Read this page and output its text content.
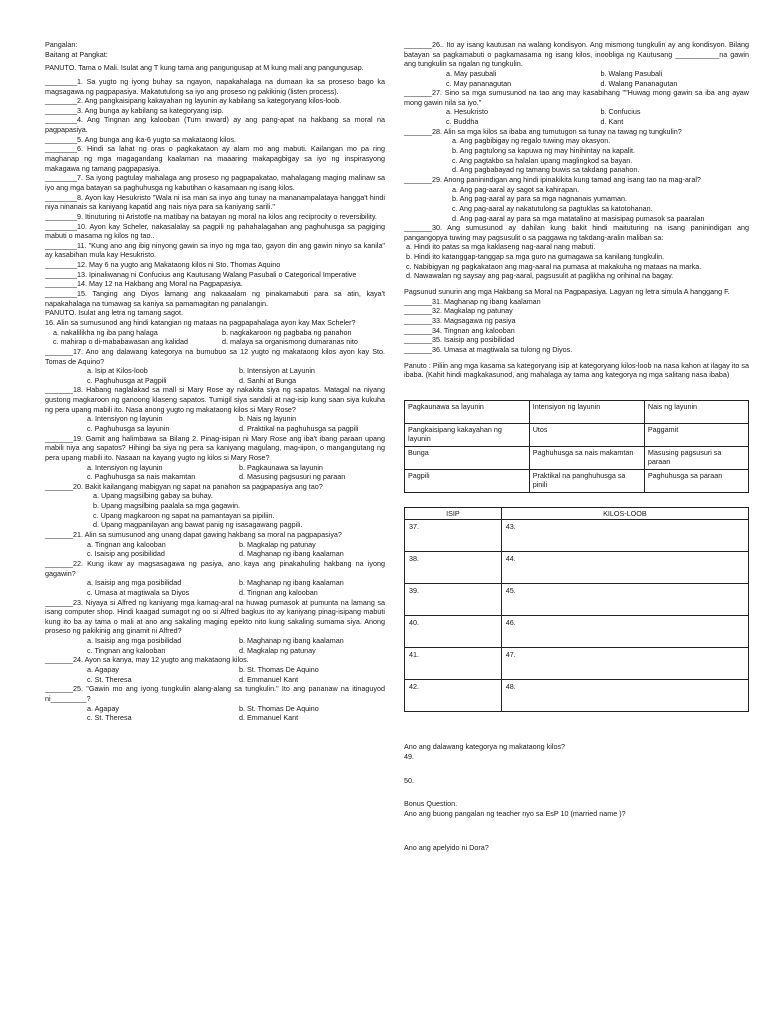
Pangalan:

Baitang at Pangkat:

PANUTO. Tama o Mali. Isulat ang T kung tama ang pangungusap at M kung mali ang pangungusap.

________1. Sa yugto ng iyong buhay sa ngayon, napakahalaga na dumaan ka sa proseso bago ka magsagawa ng pagpapasiya. Makatutulong sa iyo ang proseso ng pakikinig (listen process).

________2. Ang pangkaisipang kakayahan ng layunin ay kabilang sa kategoryang kilos-loob.

________3. Ang bunga ay kabilang sa kategoryang isip.

________4. Ang Tingnan ang kalooban (Turn inward) ay ang pang-apat na hakbang sa moral na pagpapasiya.

________5. Ang bunga ang ika-6 yugto sa makataong kilos.

________6. Hindi sa lahat ng oras o pagkakataon ay alam mo ang mabuti. Kailangan mo pa ring maghanap ng mga magagandang kaalaman na maaaring makapagbigay sa iyo ng inspirasyong makagawa ng tamang pagpapasiya.

________7. Sa iyong pagtulay mahalaga ang proseso ng pagpapakatao, mahalagang maging malinaw sa iyo ang mga batayan sa paghuhusga ng kabutihan o kasamaan ng isang kilos.

________8. Ayon kay Hesukristo "Wala ni isa man sa inyo ang tunay na mananampalataya hangga't hindi niya ninanais sa kaniyang kapatid ang nais niya para sa kaniyang sarili."

________9. Itinuturing ni Aristotle na matibay na batayan ng moral na kilos ang reciprocity o reversibility.

________10. Ayon kay Scheler, nakasalalay sa pagpili ng pahahalagahan ang paghuhusga sa pagiging mabuti o masama ng kilos ng tao..

________11. "Kung ano ang ibig ninyong gawin sa inyo ng mga tao, gayon din ang gawin ninyo sa kanila" ay kasabihan mula kay Hesukristo.

________12. May 6 na yugto ang Makataong kilos ni Sto. Thomas Aquino

________13. Ipinaliwanag ni Confucius ang Kautusang Walang Pasubali o Categorical Imperative

________14. May 12 na Hakbang ang Moral na Pagpapasiya.

________15. Tanging ang Diyos lamang ang nakaaalam ng pinakamabuti para sa atin, kaya't napakahalaga na tumawag sa kaniya sa pamamagitan ng panalangin.

PANUTO. Isulat ang letra ng tamang sagot.

16. Alin sa sumusunod ang hindi katangian ng mataas na pagpapahalaga ayon kay Max Scheler?

a. nakalilikha ng iba pang halaga	b. nagkakaroon ng pagbaba ng panahon
c. mahirap o di-mababawasan ang kalidad	d. malaya sa organismong dumaranas nito

_______17. Ano ang dalawang kategorya na bumubuo sa 12 yugto ng makataong kilos ayon kay Sto. Tomas de Aquino?

a. Isip at Kilos-loob	b. Intensiyon at Layunin
c. Paghuhusga at Pagpili	d. Sanhi at Bunga

_______18. Habang naglalakad sa mall si Mary Rose ay nakakita siya ng sapatos. Matagal na niyang gustong magkaroon ng ganoong klaseng sapatos. Tumigil siya sandali at nag-isip kung saan siya kukuha ng pera upang mabili ito. Nasa anong yugto ng makataong kilos si Mary Rose?

a. Intensiyon ng layunin	b. Nais ng layunin
c. Paghuhusga sa layunin	d. Praktikal na paghuhusga sa pagpili

_______19. Gamit ang halimbawa sa Bilang 2. Pinag-isipan ni Mary Rose ang iba't ibang paraan upang mabili niya ang sapatos? Hihingi ba siya ng pera sa kaniyang magulang, mag-iipon, o mangangutang ng pera upang mabili ito. Nasaan na kayang yugto ng kilos si Mary Rose?

a. Intensiyon ng layunin	b. Pagkaunawa sa layunin
c. Paghuhusga sa nais makamtan	d. Masusing pagsusuri ng paraan

_______20. Bakit kailangang mabigyan ng sapat na panahon sa pagpapasiya ang tao?

a. Upang magsilbing gabay sa buhay.

b. Upang magsilbing paalala sa mga gagawin.

c. Upang magkaroon ng sapat na pamantayan sa pipiliin.

d. Upang magpanilayan ang bawat panig ng isasagawang pagpili.

_______21. Alin sa sumusunod ang unang dapat gawing hakbang sa moral na pagpapasiya?

a. Tingnan ang kalooban	b. Magkalap ng patunay
c. Isaisip ang posibilidad	d. Maghanap ng ibang kaalaman

_______22. Kung ikaw ay magsasagawa ng pasiya, ano kaya ang pinakahuling hakbang na iyong gagawin?

a. Isaisip ang mga posibilidad	b. Maghanap ng ibang kaalaman
c. Umasa at magtiwala sa Diyos	d. Tingnan ang kalooban

_______23. Niyaya si Alfred ng kaniyang mga kamag-aral na huwag pumasok at pumunta na lamang sa isang computer shop. Hindi kaagad sumagot ng oo si Alfred bagkus ito ay kaniyang pinag-isipang mabuti kung ito ba ay tama o mali at ano ang sakaling maging epekto nito kung sakaling sumama siya. Anong proseso ng pakikinig ang ginamit ni Alfred?

a. Isaisip ang mga posibilidad	b. Maghanap ng ibang kaalaman
c. Tingnan ang kalooban	d. Magkalap ng patunay

_______24. Ayon sa kanya, may 12 yugto ang makataong kilos.

a. Agapay	b. St. Thomas De Aquino
c. St. Theresa	d. Emmanuel Kant

_______25. "Gawin mo ang iyong tungkulin alang-alang sa tungkulin." Ito ang pananaw na itinaguyod ni_________?

a. Agapay	b. St. Thomas De Aquino
c. St. Theresa	d. Emmanuel Kant

_______26.. Ito ay isang kautusan na walang kondisyon. Ang mismong tungkulin ay ang kondisyon. Bilang batayan sa pagkamabuti o pagkamasama ng isang kilos, inoobliga ng Kautusang ___________na gawin ang tungkulin sa ngalan ng tungkulin.

a. May pasubali	b. Walang Pasubali
c. May pananagutan	d. Walang Pananagutan

_______27. Sino sa mga sumusunod na tao ang may kasabihang ""Huwag mong gawin sa iba ang ayaw mong gawin nila sa iyo."

a. Hesukristo	b. Confucius
c. Buddha	d. Kant

_______28. Alin sa mga kilos sa ibaba ang tumutugon sa tunay na tawag ng tungkulin?

a. Ang pagbibigay ng regalo tuwing may okasyon.

b. Ang pagtulong sa kapuwa ng may hinihintay na kapalit.

c. Ang pagtakbo sa halalan upang maglingkod sa bayan.

d. Ang pagbabayad ng tamang buwis sa takdang panahon.

_______29. Anong paninindigan ang hindi ipinakikita kung tamad ang isang tao na mag-aral?

a. Ang pag-aaral ay sagot sa kahirapan.

b. Ang pag-aaral ay para sa mga nagnanais yumaman.

c. Ang pag-aaral ay nakatutulong sa pagtuklas sa katotohanan.

d. Ang pag-aaral ay para sa mga matatalino at masisipag pumasok sa paaralan

_______30. Ang sumusunod ay dahilan kung bakit hindi maituturing na isang paninindigan ang pangangopya tuwing may pagsusulit o sa paggawa ng takdang-aralin maliban sa:

a. Hindi ito patas sa mga kaklaseng nag-aaral nang mabuti.

b. Hindi ito katanggap-tanggap sa mga guro na gumagawa sa kanilang tungkulin.

c. Nabibigyan ng pagkakataon ang mag-aaral na pumasa at makakuha ng mataas na marka.

d. Nawawalan ng saysay ang pag-aaral, pagsusulit at paglikha ng orihinal na bagay.

Pagsunud sunurin ang mga Hakbang sa Moral na Pagpapasiya. Lagyan ng letra simula A hanggang F.

_______31. Maghanap ng ibang kaalaman

_______32. Magkalap ng patunay

_______33. Magsagawa ng pasiya

_______34. Tingnan ang kalooban

_______35. Isaisip ang posibilidad

_______36. Umasa at magtiwala sa tulong ng Diyos.

Panuto : Piliin ang mga kasama sa kategoryang isip at kategoryang kilos-loob na nasa kahon at ilagay ito sa ibaba. (Kahit hindi magkakasunod, ang mahalaga ay tama ang kategorya ng mga salitang nasa ibaba)

Pagkaunawa sa layunin	Intensiyon ng layunin	Nais ng layunin
Pangkaisipang kakayahan ng layunin	Utos	Paggamit
Bunga	Paghuhusga sa nais makamtan	Masusing pagsusuri sa paraan
Pagpili	Praktikal na panghuhusga sa pinili	Paghuhusga sa paraan
ISIP	KILOS-LOOB
37.	43.
38.	44.
39.	45.
40.	46.
41.	47.
42.	48.

Ano ang dalawang kategorya ng makataong kilos?

49.

50.

Bonus Question.

Ano ang buong pangalan ng teacher nyo sa EsP 10 (married name )?

Ano ang apelyido ni Dora?
